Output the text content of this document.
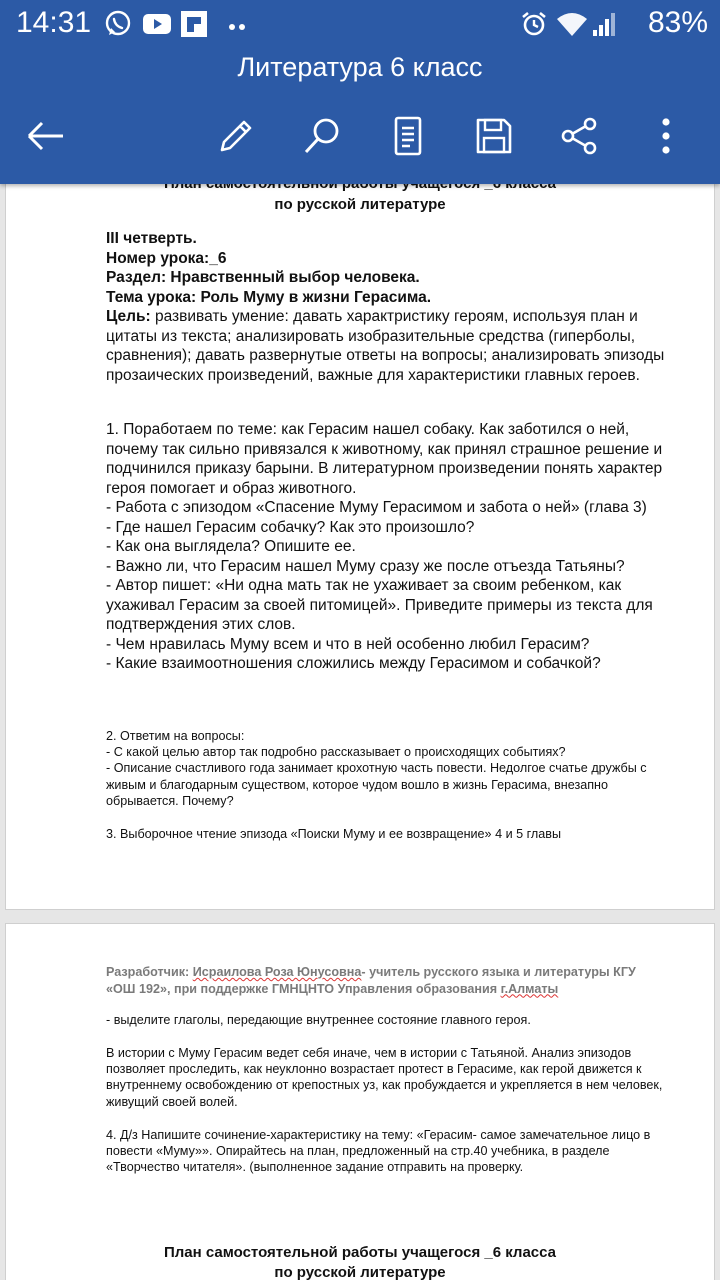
по русской литературе
III четверть.
Номер урока:_6
Раздел: Нравственный выбор человека.
Тема урока: Роль Муму в жизни Герасима.
Цель: развивать умение: давать характристику героям, используя план и цитаты из текста; анализировать изобразительные средства (гиперболы, сравнения); давать развернутые ответы на вопросы; анализировать эпизоды прозаических произведений, важные для характеристики главных героев.
1. Поработаем по теме: как Герасим нашел собаку. Как заботился о ней, почему так сильно привязался к животному, как принял страшное решение и подчинился приказу барыни. В литературном произведении понять характер героя помогает и образ животного.
- Работа с эпизодом «Спасение Муму Герасимом и забота о ней» (глава 3)
- Где нашел Герасим собачку? Как это произошло?
- Как она выглядела? Опишите ее.
- Важно ли, что Герасим нашел Муму сразу же после отъезда Татьяны?
- Автор пишет: «Ни одна мать так не ухаживает за своим ребенком, как ухаживал Герасим за своей питомицей». Приведите примеры из текста для подтверждения этих слов.
- Чем нравилась Муму всем и что в ней особенно любил Герасим?
- Какие взаимоотношения сложились между Герасимом и собачкой?
2. Ответим на вопросы:
- С какой целью автор так подробно рассказывает о происходящих событиях?
- Описание счастливого года занимает крохотную часть повести. Недолгое счатье дружбы с живым и благодарным существом, которое чудом вошло в жизнь Герасима, внезапно обрывается. Почему?
3. Выборочное чтение эпизода «Поиски Муму и ее возвращение» 4 и 5 главы
Разработчик: Исраилова Роза Юнусовна- учитель русского языка и литературы КГУ «ОШ 192», при поддержке ГМНЦНТО Управления образования г.Алматы
- выделите глаголы, передающие внутреннее состояние главного героя.
В истории с Муму Герасим ведет себя иначе, чем в истории с Татьяной. Анализ эпизодов позволяет проследить, как неуклонно возрастает протест в Герасиме, как герой движется к внутреннему освобождению от крепостных уз, как пробуждается и укрепляется в нем человек, живущий своей волей.
4. Д/з Напишите сочинение-характеристику на тему: «Герасим- самое замечательное лицо в повести «Муму»». Опирайтесь на план, предложенный на стр.40 учебника, в разделе «Творчество читателя». (выполненное задание отправить на проверку.
План самостоятельной работы учащегося _6 класса
по русской литературе
14:31	83%
Литература 6 класс
